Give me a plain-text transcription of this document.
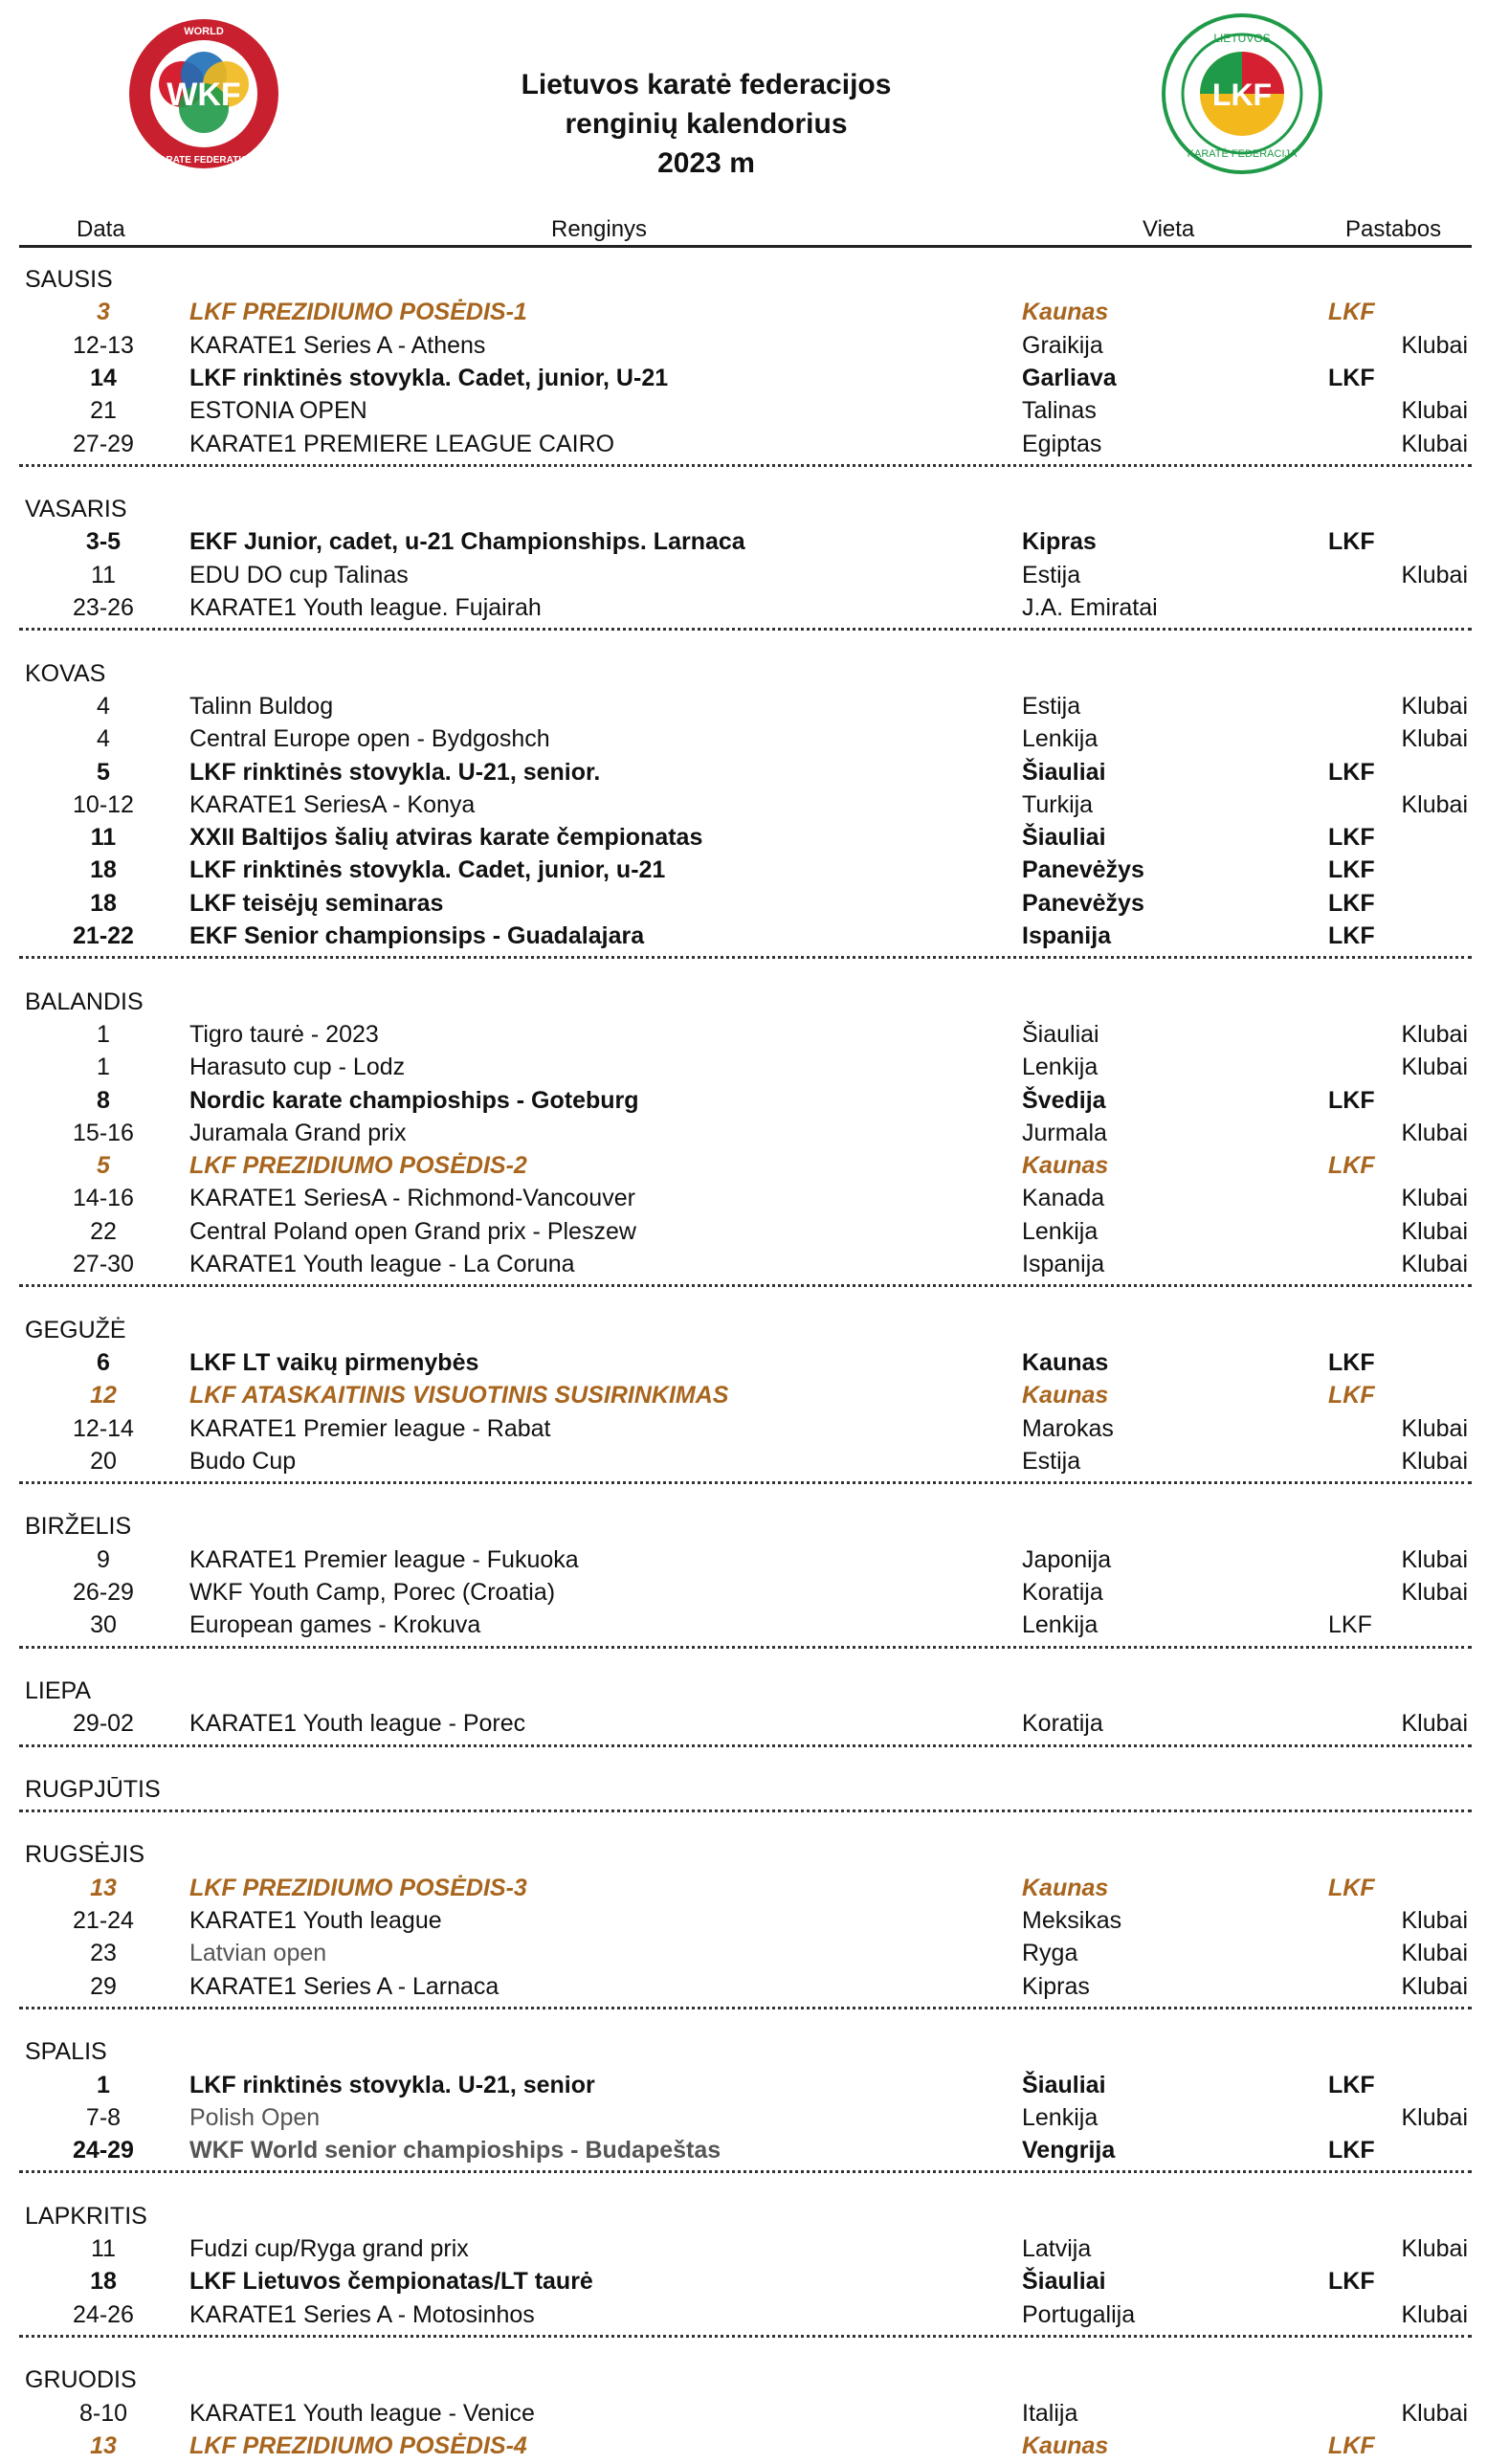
WKF
WORLD
KARATE FEDERATION
Lietuvos karatė federacijos
renginių kalendorius
2023 m
LKF
LIETUVOS
KARATĖ FEDERACIJA
Data	Renginys	Vieta	Pastabos
SAUSIS
3	LKF PREZIDIUMO POSĖDIS-1	Kaunas	LKF
12-13	KARATE1 Series A - Athens	Graikija	Klubai
14	LKF rinktinės stovykla. Cadet, junior, U-21	Garliava	LKF
21	ESTONIA OPEN	Talinas	Klubai
27-29	KARATE1 PREMIERE LEAGUE CAIRO	Egiptas	Klubai
VASARIS
3-5	EKF Junior, cadet, u-21 Championships. Larnaca	Kipras	LKF
11	EDU DO cup Talinas	Estija	Klubai
23-26	KARATE1 Youth league. Fujairah	J.A. Emiratai
KOVAS
4	Talinn Buldog	Estija	Klubai
4	Central Europe open - Bydgoshch	Lenkija	Klubai
5	LKF rinktinės stovykla. U-21, senior.	Šiauliai	LKF
10-12	KARATE1 SeriesA - Konya	Turkija	Klubai
11	XXII Baltijos šalių atviras karate čempionatas	Šiauliai	LKF
18	LKF rinktinės stovykla. Cadet, junior, u-21	Panevėžys	LKF
18	LKF teisėjų seminaras	Panevėžys	LKF
21-22	EKF Senior championsips - Guadalajara	Ispanija	LKF
BALANDIS
1	Tigro taurė - 2023	Šiauliai	Klubai
1	Harasuto cup - Lodz	Lenkija	Klubai
8	Nordic karate champioships - Goteburg	Švedija	LKF
15-16	Juramala Grand prix	Jurmala	Klubai
5	LKF PREZIDIUMO POSĖDIS-2	Kaunas	LKF
14-16	KARATE1 SeriesA - Richmond-Vancouver	Kanada	Klubai
22	Central Poland open Grand prix - Pleszew	Lenkija	Klubai
27-30	KARATE1 Youth league - La Coruna	Ispanija	Klubai
GEGUŽĖ
6	LKF LT vaikų pirmenybės	Kaunas	LKF
12	LKF ATASKAITINIS VISUOTINIS SUSIRINKIMAS	Kaunas	LKF
12-14	KARATE1 Premier league - Rabat	Marokas	Klubai
20	Budo Cup	Estija	Klubai
BIRŽELIS
9	KARATE1 Premier league - Fukuoka	Japonija	Klubai
26-29	WKF Youth Camp, Porec (Croatia)	Koratija	Klubai
30	European games - Krokuva	Lenkija	LKF
LIEPA
29-02	KARATE1 Youth league - Porec	Koratija	Klubai
RUGPJŪTIS
RUGSĖJIS
13	LKF PREZIDIUMO POSĖDIS-3	Kaunas	LKF
21-24	KARATE1 Youth league	Meksikas	Klubai
23	Latvian open	Ryga	Klubai
29	KARATE1 Series A - Larnaca	Kipras	Klubai
SPALIS
1	LKF rinktinės stovykla. U-21, senior	Šiauliai	LKF
7-8	Polish Open	Lenkija	Klubai
24-29	WKF World senior champioships - Budapeštas	Vengrija	LKF
LAPKRITIS
11	Fudzi cup/Ryga grand prix	Latvija	Klubai
18	LKF Lietuvos čempionatas/LT taurė	Šiauliai	LKF
24-26	KARATE1 Series A - Motosinhos	Portugalija	Klubai
GRUODIS
8-10	KARATE1 Youth league - Venice	Italija	Klubai
13	LKF PREZIDIUMO POSĖDIS-4	Kaunas	LKF
